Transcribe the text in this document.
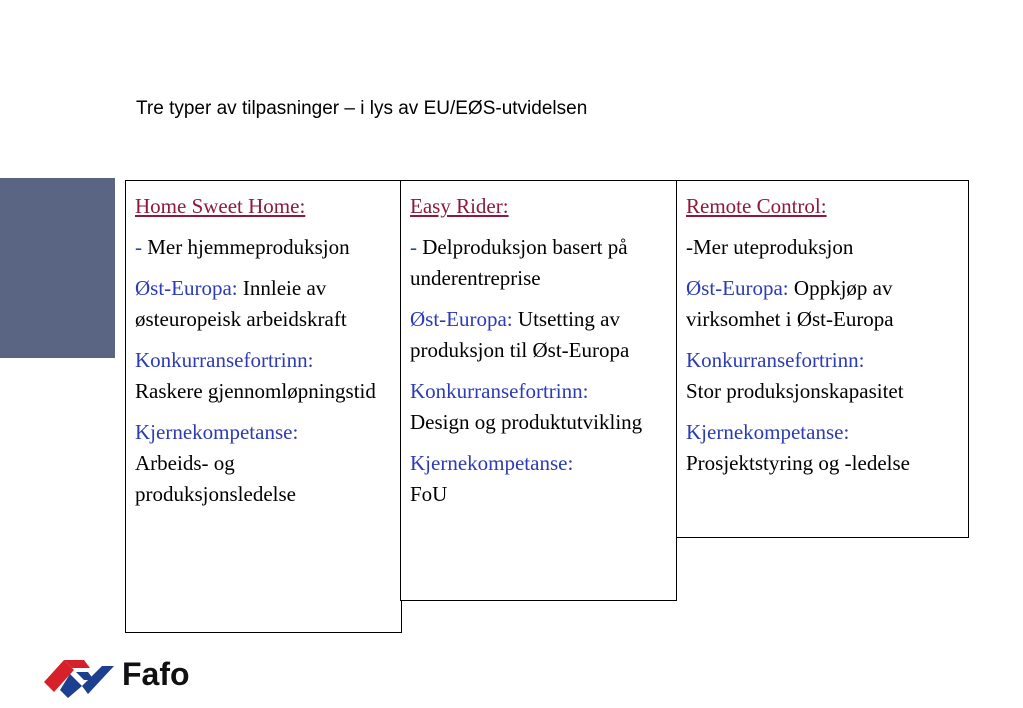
Tre typer av tilpasninger – i lys av EU/EØS-utvidelsen

Home Sweet Home:

- Mer hjemmeproduksjon

Øst-Europa: Innleie av østeuropeisk arbeidskraft

Konkurransefortrinn:
Raskere gjennomløpningstid

Kjernekompetanse:
Arbeids- og produksjonsledelse

Easy Rider:

- Delproduksjon basert på underentreprise

Øst-Europa: Utsetting av produksjon til Øst-Europa

Konkurransefortrinn:
Design og produktutvikling

Kjernekompetanse:
FoU

Remote Control:

-Mer uteproduksjon

Øst-Europa: Oppkjøp av virksomhet i Øst-Europa

Konkurransefortrinn:
Stor produksjonskapasitet

Kjernekompetanse:
Prosjektstyring og -ledelse

Fafo
